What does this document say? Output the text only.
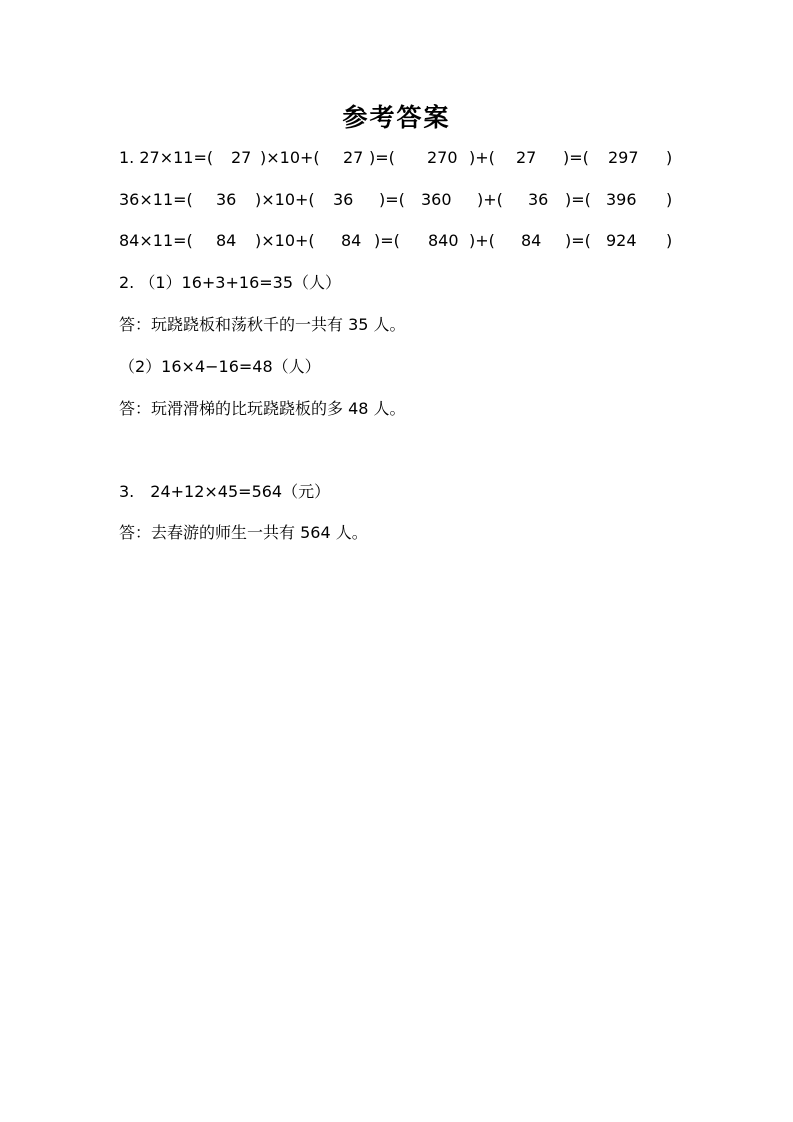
参考答案
1. 27×11=( 27 )×10+( 27 )=( 270 )+( 27 )=( 297 )
36×11=( 36 )×10+( 36 )=( 360 )+( 36 )=( 396 )
84×11=( 84 )×10+( 84 )=( 840 )+( 84 )=( 924 )
2. （1）16+3+16=35（人）
答：玩跷跷板和荡秋千的一共有 35 人。
（2）16×4−16=48（人）
答：玩滑滑梯的比玩跷跷板的多 48 人。
3.　24+12×45=564（元）
答：去春游的师生一共有 564 人。
